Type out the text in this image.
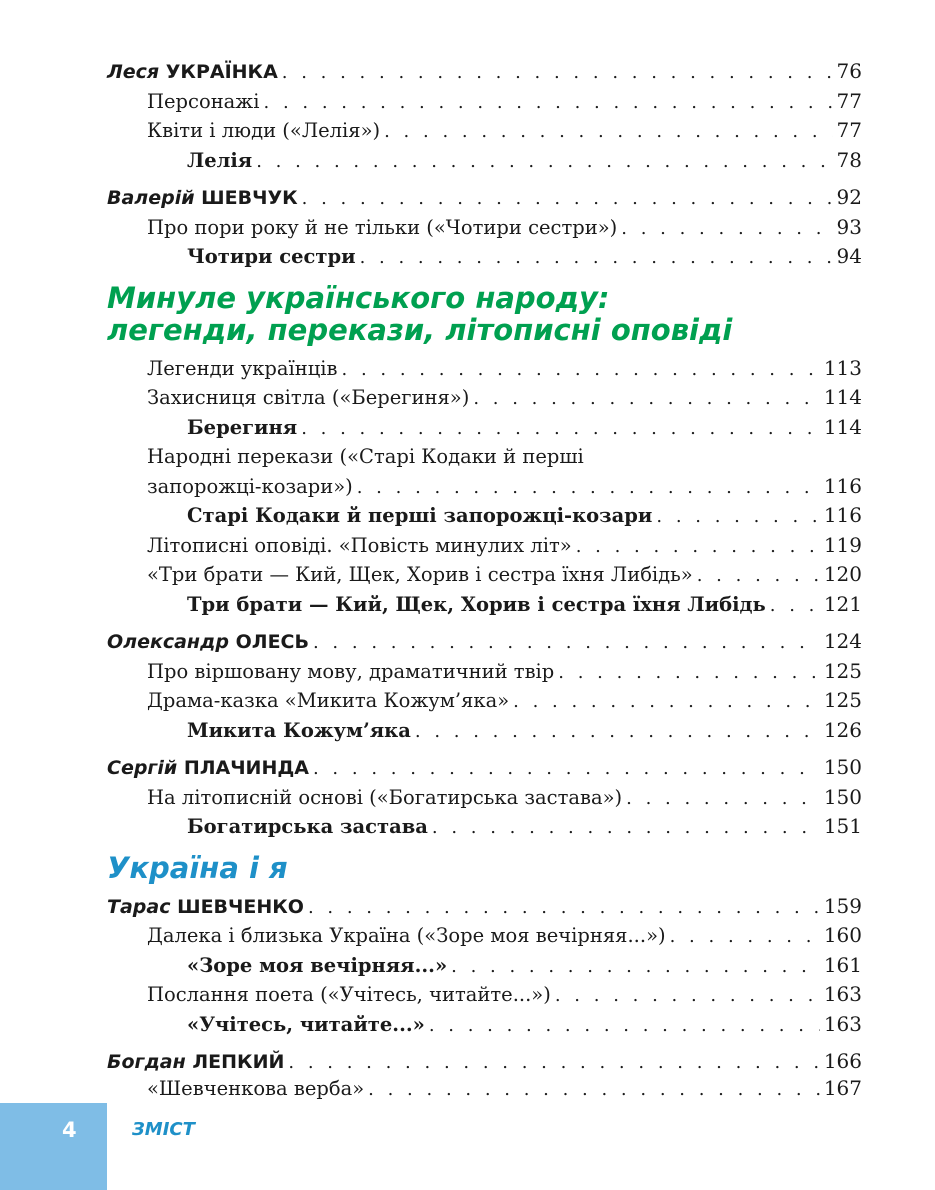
Леся УКРАЇНКА . . .	76
Персонажі . . .	77
Квіти і люди («Лелія») . . .	77
Лелія . . .	78
Валерій ШЕВЧУК . . .	92
Про пори року й не тільки («Чотири сестри») . . .	93
Чотири сестри . . .	94
Минуле українського народу:
легенди, перекази, літописні оповіді
Легенди українців . . .	113
Захисниця світла («Берегиня») . . .	114
Берегиня . . .	114
Народні перекази («Старі Кодаки й перші
запорожці-козари») . . .	116
Старі Кодаки й перші запорожці-козари . . .	116
Літописні оповіді. «Повість минулих літ» . . .	119
«Три брати — Кий, Щек, Хорив і сестра їхня Либідь» . . .	120
Три брати — Кий, Щек, Хорив і сестра їхня Либідь . . .	121
Олександр ОЛЕСЬ . . .	124
Про віршовану мову, драматичний твір . . .	125
Драма-казка «Микита Кожум’яка» . . .	125
Микита Кожум’яка . . .	126
Сергій ПЛАЧИНДА . . .	150
На літописній основі («Богатирська застава») . . .	150
Богатирська застава . . .	151
Україна і я
Тарас ШЕВЧЕНКО . . .	159
Далека і близька Україна («Зоре моя вечірняя...») . . .	160
«Зоре моя вечірняя...» . . .	161
Послання поета («Учітесь, читайте...») . . .	163
«Учітесь, читайте...» . . .	163
Богдан ЛЕПКИЙ . . .	166
«Шевченкова верба» . . .	167
4	ЗМІСТ
